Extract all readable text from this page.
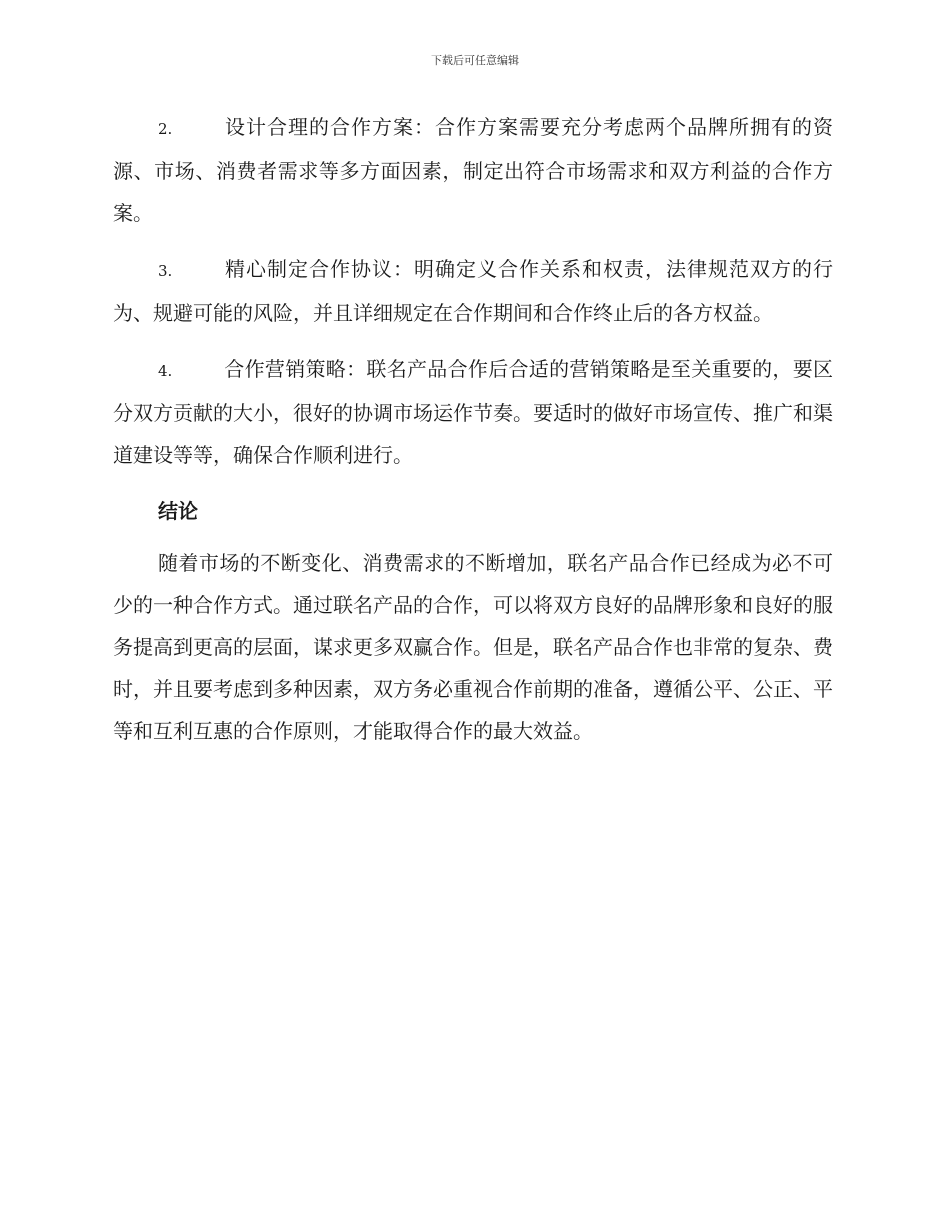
下载后可任意编辑

2.	设计合理的合作方案：合作方案需要充分考虑两个品牌所拥有的资源、市场、消费者需求等多方面因素，制定出符合市场需求和双方利益的合作方案。

3.	精心制定合作协议：明确定义合作关系和权责，法律规范双方的行为、规避可能的风险，并且详细规定在合作期间和合作终止后的各方权益。

4.	合作营销策略：联名产品合作后合适的营销策略是至关重要的，要区分双方贡献的大小，很好的协调市场运作节奏。要适时的做好市场宣传、推广和渠道建设等等，确保合作顺利进行。

结论

随着市场的不断变化、消费需求的不断增加，联名产品合作已经成为必不可少的一种合作方式。通过联名产品的合作，可以将双方良好的品牌形象和良好的服务提高到更高的层面，谋求更多双赢合作。但是，联名产品合作也非常的复杂、费时，并且要考虑到多种因素，双方务必重视合作前期的准备，遵循公平、公正、平等和互利互惠的合作原则，才能取得合作的最大效益。
